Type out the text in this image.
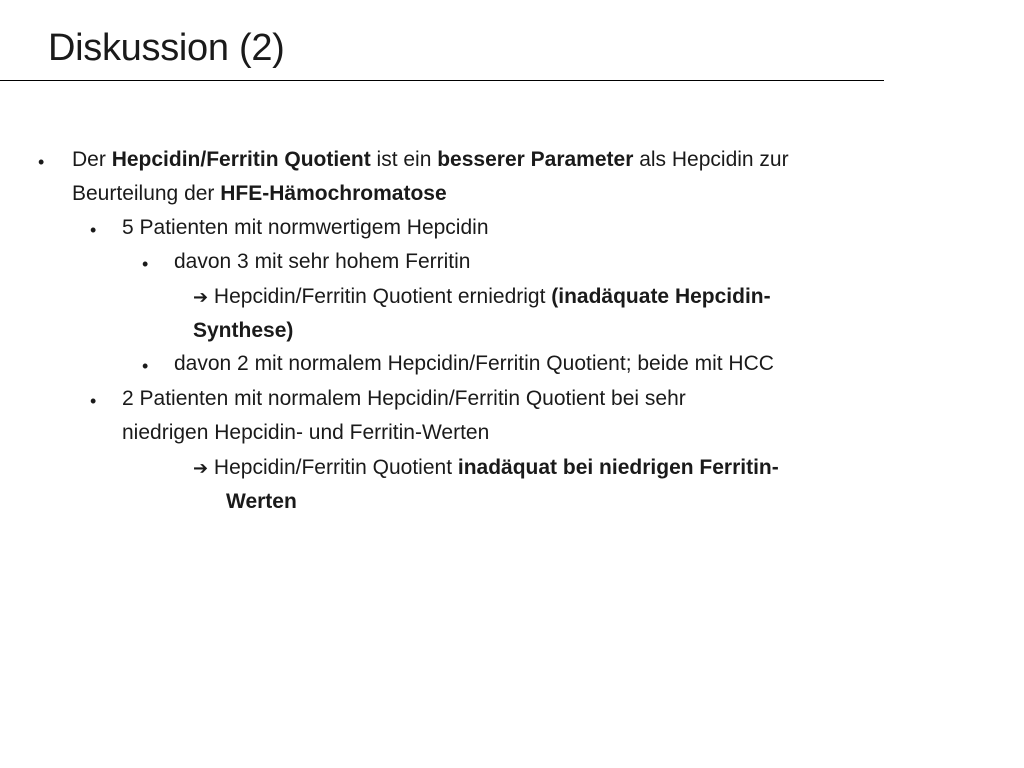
Diskussion (2)
• Der Hepcidin/Ferritin Quotient ist ein besserer Parameter als Hepcidin zur
Beurteilung der HFE-Hämochromatose
• 5 Patienten mit normwertigem Hepcidin
• davon 3 mit sehr hohem Ferritin
➔ Hepcidin/Ferritin Quotient erniedrigt (inadäquate Hepcidin-
Synthese)
• davon 2 mit normalem Hepcidin/Ferritin Quotient; beide mit HCC
• 2 Patienten mit normalem Hepcidin/Ferritin Quotient bei sehr
niedrigen Hepcidin- und Ferritin-Werten
➔ Hepcidin/Ferritin Quotient inadäquat bei niedrigen Ferritin-
Werten
